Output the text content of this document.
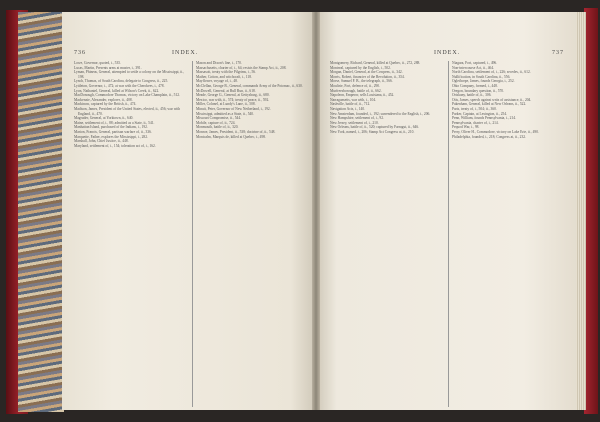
736	INDEX.

Lowe, Governor, quoted, i., 535.

Lucas, Martin, Presents arms at muster, i., 391.

Lyman, Phineas, General, attempted to settle a colony on the Mississippi, ii., 198.

Lynch, Thomas, of South Carolina, delegate to Congress, ii., 225.

Lyttleton, Governor, i., 472; at war with the Cherokees, i., 478.

Lyon, Nathaniel, General, killed at Wilson's Creek, ii., 622.

MacDonough, Commodore Thomas, victory on Lake Champlain, ii., 512.

Mackenzie, Alexander, explorer, ii., 408.

Mackinaw, captured by the British, ii., 474.

Madison, James, President of the United States, elected, ii., 456; war with England, ii., 470.

Magruder, General, at Yorktown, ii., 640.

Maine, settlement of, i., 88; admitted as a State, ii., 541.

Manhattan Island, purchased of the Indians, i., 192.

Marion, Francis, General, partisan warfare of, ii., 336.

Marquette, Father, explores the Mississippi, i., 282.

Marshall, John, Chief Justice, ii., 448.

Maryland, settlement of, i., 154; toleration act of, i., 162.

Mason and Dixon's line, i., 170.

Massachusetts, charter of, i., 64; resists the Stamp Act, ii., 208.

Massasoit, treaty with the Pilgrims, i., 56.

Mather, Cotton, and witchcraft, i., 118.

Mayflower, voyage of, i., 48.

McClellan, George B., General, commands Army of the Potomac, ii., 630.

McDowell, General, at Bull Run, ii., 618.

Meade, George G., General, at Gettysburg, ii., 680.

Mexico, war with, ii., 574; treaty of peace, ii., 592.

Miller, Colonel, at Lundy's Lane, ii., 508.

Minuit, Peter, Governor of New Netherland, i., 192.

Mississippi, admitted as a State, ii., 540.

Missouri Compromise, ii., 544.

Mobile, capture of, ii., 724.

Monmouth, battle of, ii., 320.

Monroe, James, President, ii., 538; doctrine of, ii., 548.

Montcalm, Marquis de, killed at Quebec, i., 498.

INDEX.	737

Montgomery, Richard, General, killed at Quebec, ii., 272, 288.

Montreal, captured by the English, i., 502.

Morgan, Daniel, General, at the Cowpens, ii., 342.

Morris, Robert, financier of the Revolution, ii., 354.

Morse, Samuel F. B., the telegraph, ii., 566.

Moultrie, Fort, defence of, ii., 290.

Murfreesborough, battle of, ii., 662.

Napoleon, Emperor, sells Louisiana, ii., 452.

Narragansetts, war with, i., 104.

Nashville, battle of, ii., 712.

Navigation Acts, i., 140.

New Amsterdam, founded, i., 192; surrendered to the English, i., 206.

New Hampshire, settlement of, i., 92.

New Jersey, settlement of, i., 210.

New Orleans, battle of, ii., 520; captured by Farragut, ii., 646.

New York, named, i., 206; Stamp Act Congress at, ii., 210.

Niagara, Fort, captured, i., 496.

Non-intercourse Act, ii., 464.

North Carolina, settlement of, i., 226; secedes, ii., 612.

Nullification, in South Carolina, ii., 556.

Oglethorpe, James, founds Georgia, i., 252.

Ohio Company, formed, i., 448.

Oregon, boundary question, ii., 570.

Oriskany, battle of, ii., 306.

Otis, James, speech against writs of assistance, ii., 204.

Pakenham, General, killed at New Orleans, ii., 522.

Paris, treaty of, i., 504; ii., 360.

Parker, Captain, at Lexington, ii., 254.

Penn, William, founds Pennsylvania, i., 214.

Pennsylvania, charter of, i., 214.

Pequod War, i., 98.

Perry, Oliver H., Commodore, victory on Lake Erie, ii., 490.

Philadelphia, founded, i., 218; Congress at, ii., 232.
